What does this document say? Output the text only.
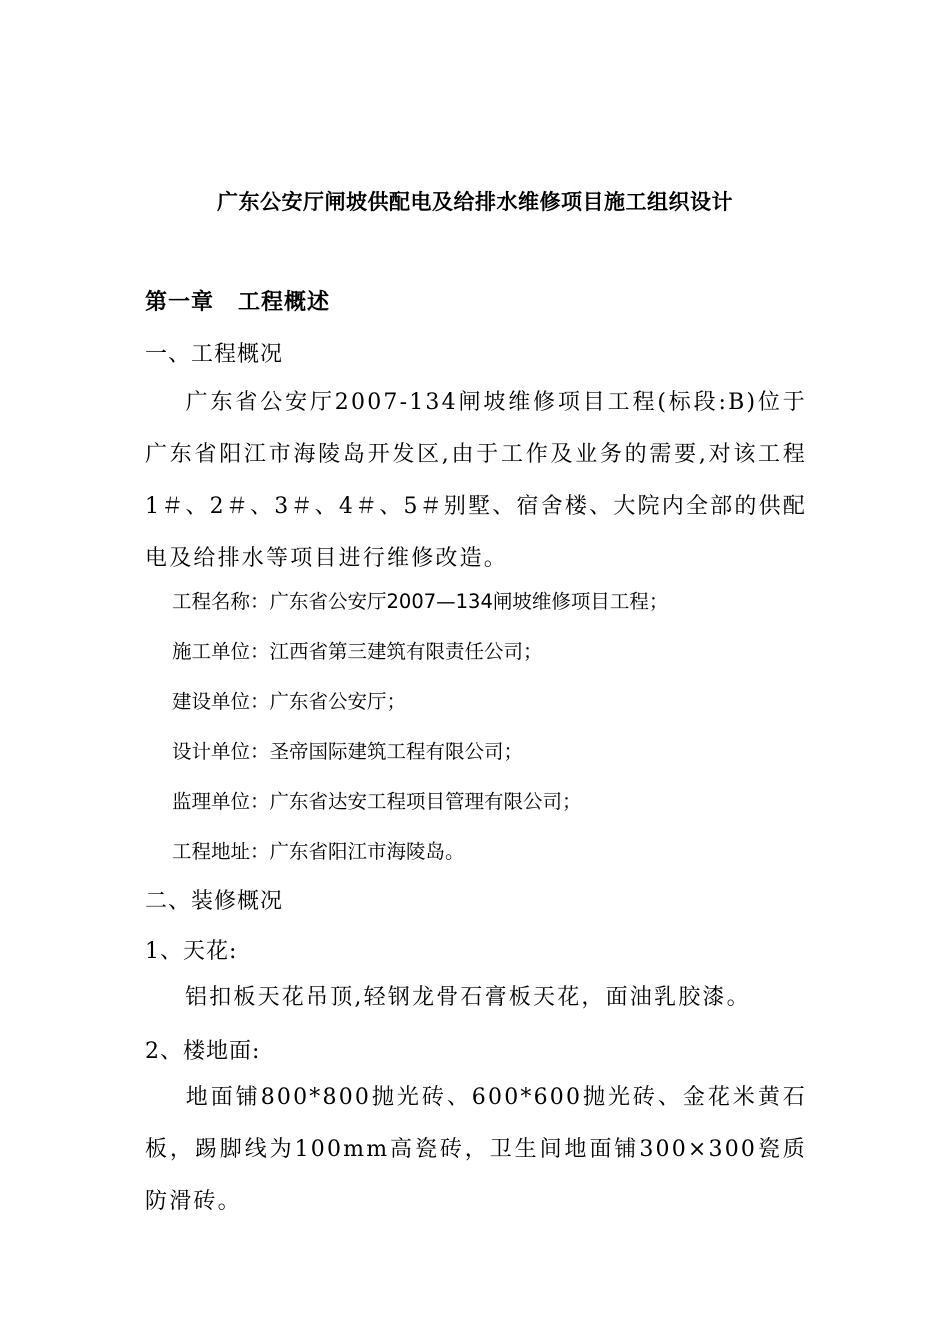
广东公安厅闸坡供配电及给排水维修项目施工组织设计
第一章 工程概述
一、工程概况
广东省公安厅2007-134闸坡维修项目工程(标段:B)位于广东省阳江市海陵岛开发区,由于工作及业务的需要,对该工程1＃、2＃、3＃、4＃、5＃别墅、宿舍楼、大院内全部的供配电及给排水等项目进行维修改造。
工程名称：广东省公安厅2007—134闸坡维修项目工程；
施工单位：江西省第三建筑有限责任公司；
建设单位：广东省公安厅；
设计单位：圣帝国际建筑工程有限公司；
监理单位：广东省达安工程项目管理有限公司；
工程地址：广东省阳江市海陵岛。
二、装修概况
1、天花:
铝扣板天花吊顶,轻钢龙骨石膏板天花，面油乳胶漆。
2、楼地面:
地面铺800*800抛光砖、600*600抛光砖、金花米黄石板，踢脚线为100mm高瓷砖，卫生间地面铺300×300瓷质防滑砖。
